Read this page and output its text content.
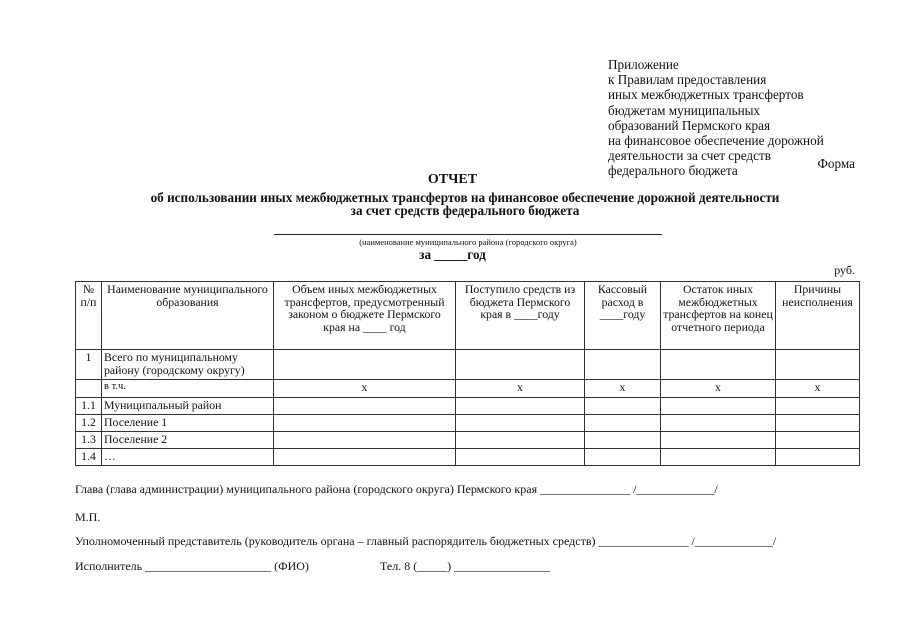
Приложение
к Правилам предоставления
иных межбюджетных трансфертов
бюджетам муниципальных
образований Пермского края
на финансовое обеспечение дорожной
деятельности за счет средств
федерального бюджета	Форма
ОТЧЕТ
об использовании иных межбюджетных трансфертов на финансовое обеспечение дорожной деятельности
за счет средств федерального бюджета
(наименование муниципального района (городского округа)
за _____год
руб.
№ п/п	Наименование муниципального образования	Объем иных межбюджетных трансфертов, предусмотренный законом о бюджете Пермского края на ____ год	Поступило средств из бюджета Пермского края в ____году	Кассовый расход в ____году	Остаток иных межбюджетных трансфертов на конец отчетного периода	Причины неисполнения
1	Всего по муниципальному району (городскому округу)					
	в т.ч.	x	x	x	x	x
1.1	Муниципальный район					
1.2	Поселение 1					
1.3	Поселение 2					
1.4	…					
Глава (глава администрации) муниципального района (городского округа) Пермского края _______________ /_____________/
М.П.
Уполномоченный представитель (руководитель органа – главный распорядитель бюджетных средств) _______________ /_____________/
Исполнитель _____________________ (ФИО)	Тел. 8 (_____) ________________
